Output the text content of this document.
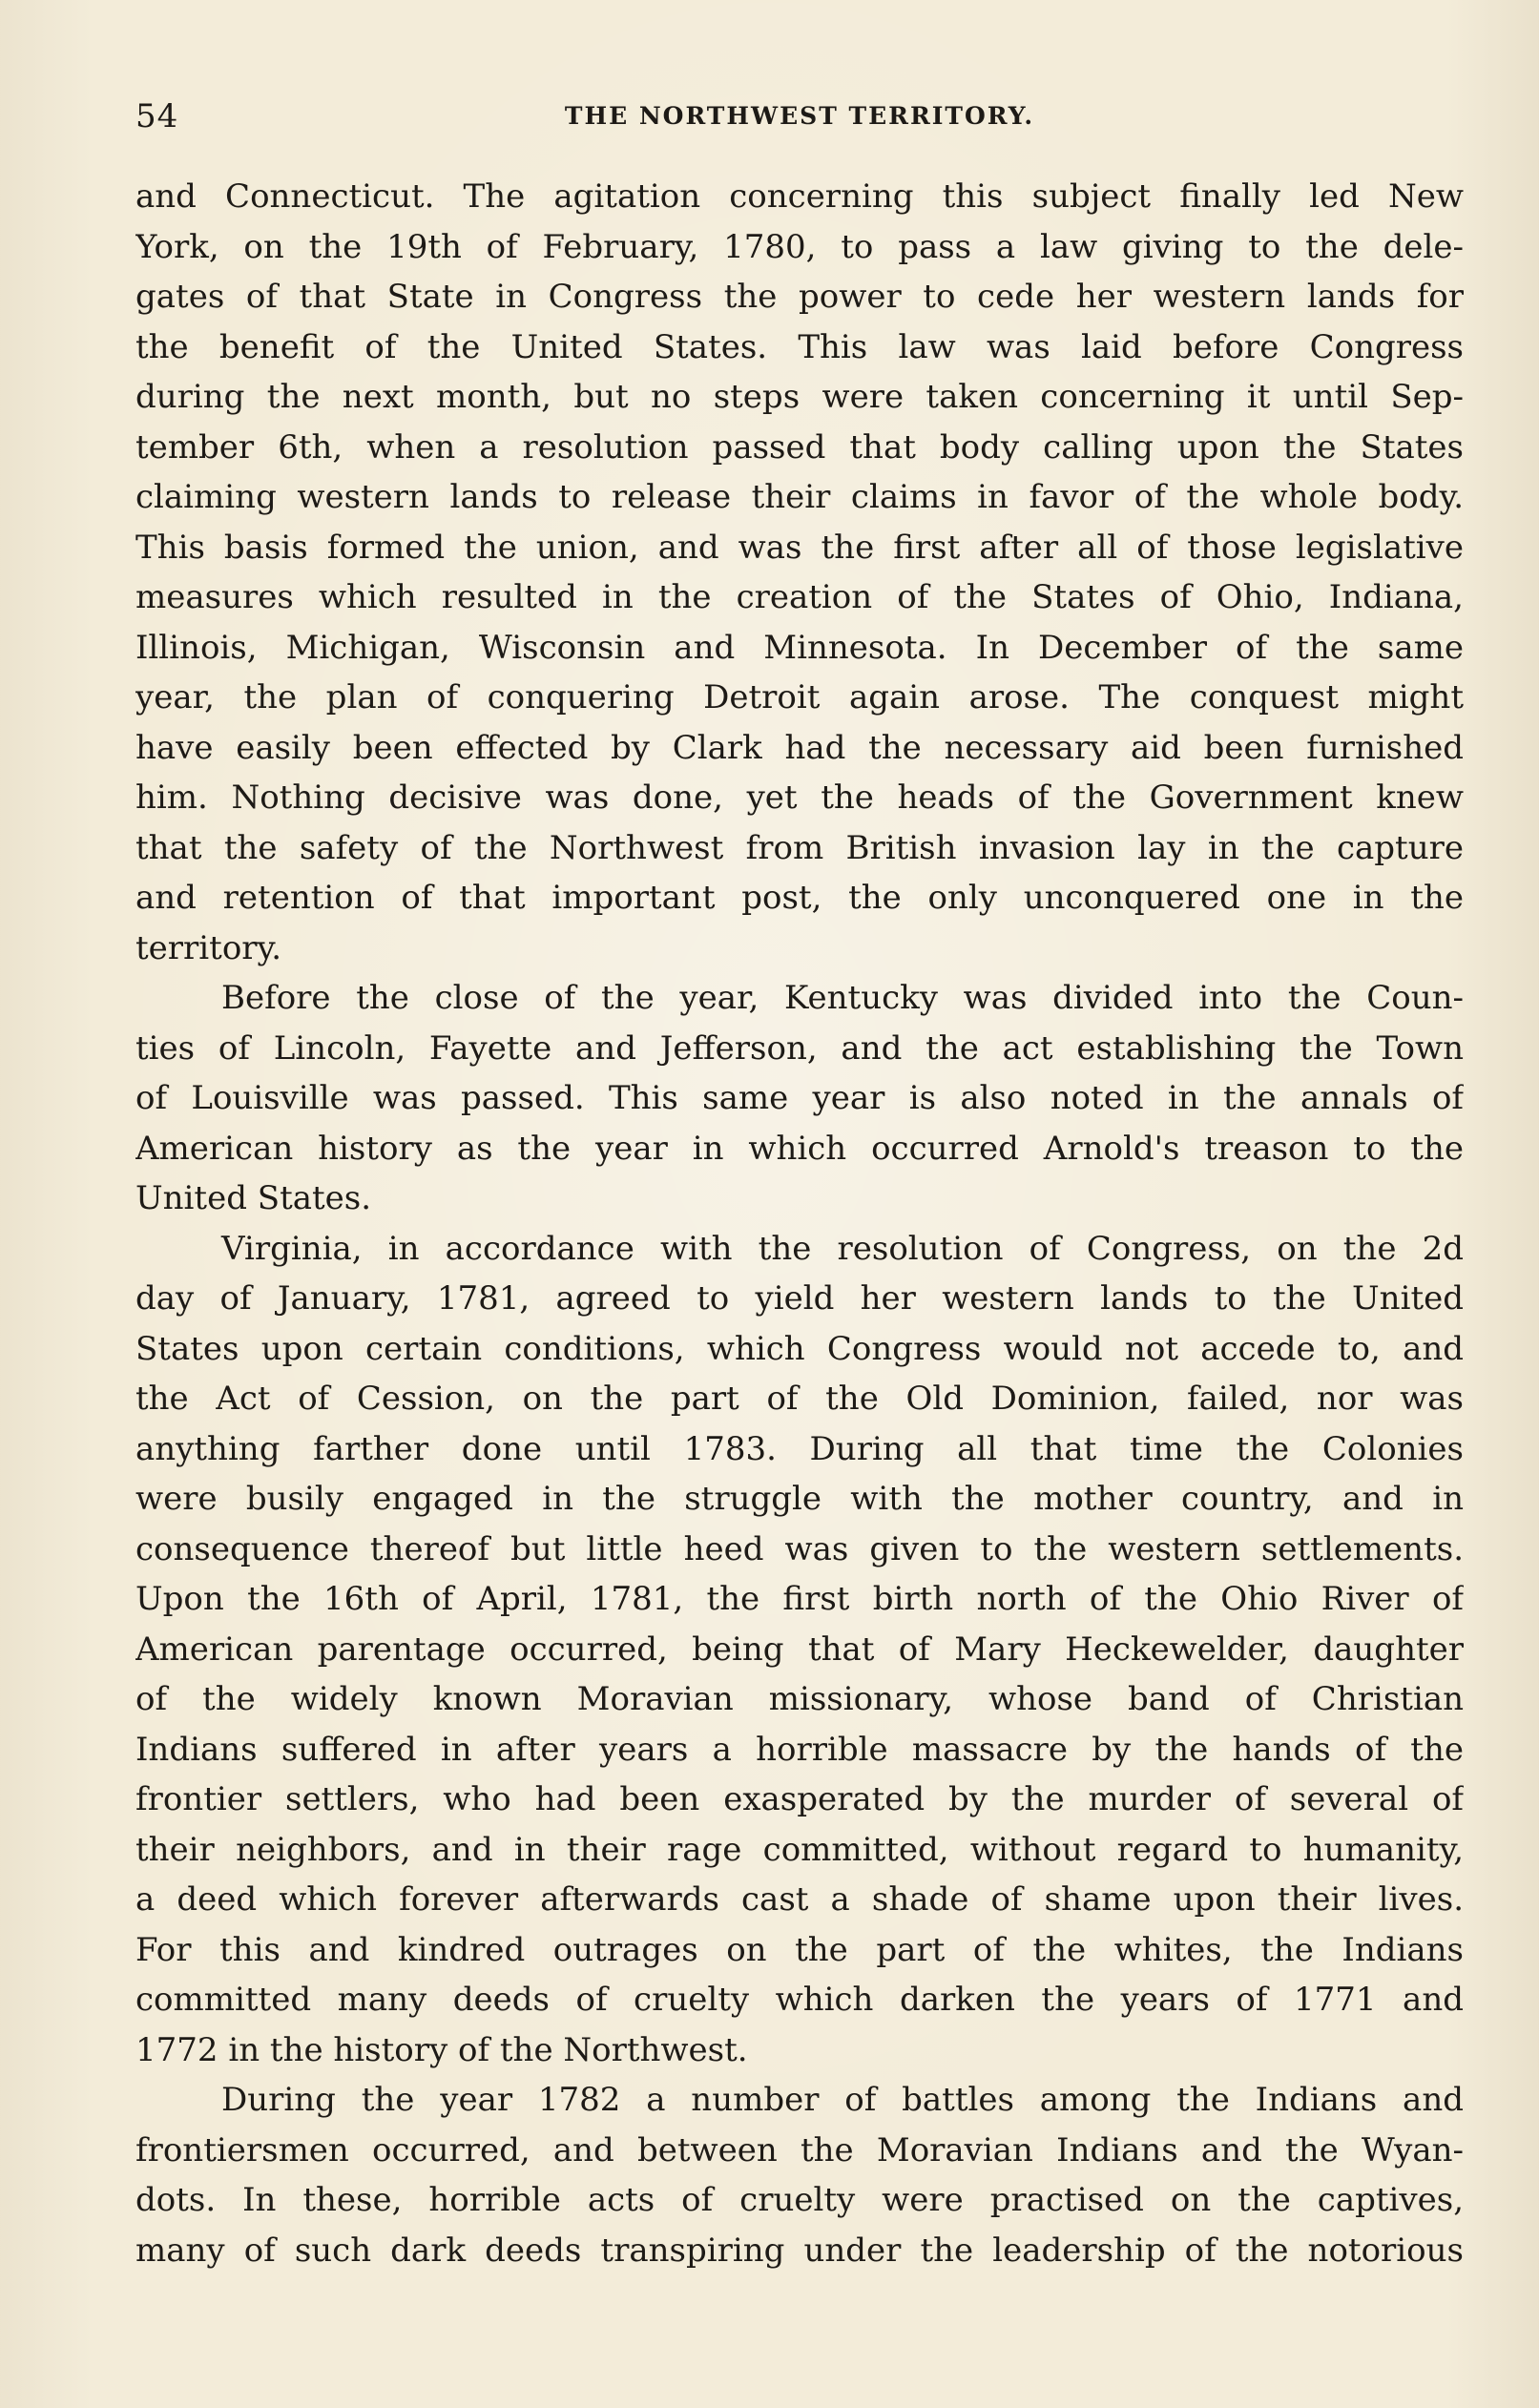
54	THE NORTHWEST TERRITORY.
and Connecticut. The agitation concerning this subject finally led New
York, on the 19th of February, 1780, to pass a law giving to the dele-
gates of that State in Congress the power to cede her western lands for
the benefit of the United States. This law was laid before Congress
during the next month, but no steps were taken concerning it until Sep-
tember 6th, when a resolution passed that body calling upon the States
claiming western lands to release their claims in favor of the whole body.
This basis formed the union, and was the first after all of those legislative
measures which resulted in the creation of the States of Ohio, Indiana,
Illinois, Michigan, Wisconsin and Minnesota. In December of the same
year, the plan of conquering Detroit again arose. The conquest might
have easily been effected by Clark had the necessary aid been furnished
him. Nothing decisive was done, yet the heads of the Government knew
that the safety of the Northwest from British invasion lay in the capture
and retention of that important post, the only unconquered one in the
territory.
Before the close of the year, Kentucky was divided into the Coun-
ties of Lincoln, Fayette and Jefferson, and the act establishing the Town
of Louisville was passed. This same year is also noted in the annals of
American history as the year in which occurred Arnold's treason to the
United States.
Virginia, in accordance with the resolution of Congress, on the 2d
day of January, 1781, agreed to yield her western lands to the United
States upon certain conditions, which Congress would not accede to, and
the Act of Cession, on the part of the Old Dominion, failed, nor was
anything farther done until 1783. During all that time the Colonies
were busily engaged in the struggle with the mother country, and in
consequence thereof but little heed was given to the western settlements.
Upon the 16th of April, 1781, the first birth north of the Ohio River of
American parentage occurred, being that of Mary Heckewelder, daughter
of the widely known Moravian missionary, whose band of Christian
Indians suffered in after years a horrible massacre by the hands of the
frontier settlers, who had been exasperated by the murder of several of
their neighbors, and in their rage committed, without regard to humanity,
a deed which forever afterwards cast a shade of shame upon their lives.
For this and kindred outrages on the part of the whites, the Indians
committed many deeds of cruelty which darken the years of 1771 and
1772 in the history of the Northwest.
During the year 1782 a number of battles among the Indians and
frontiersmen occurred, and between the Moravian Indians and the Wyan-
dots. In these, horrible acts of cruelty were practised on the captives,
many of such dark deeds transpiring under the leadership of the notorious
